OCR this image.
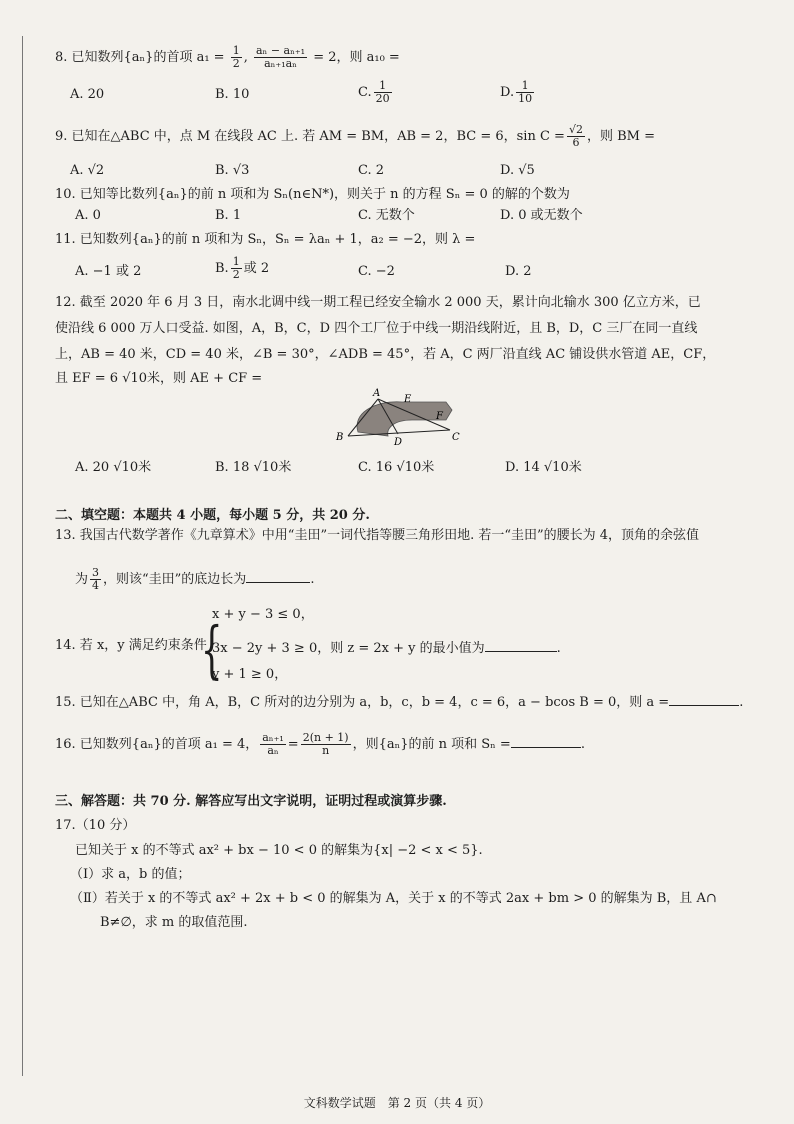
8. 已知数列{aₙ}的首项 $a_1 = \frac{1}{2}$ , $\frac{\text{aₙ − aₙ₊₁}}{\text{aₙ₊₁aₙ}} = 2$，则 a₁₀ =
A. 20	B. 10	C. $\frac{1}{20}$	D. $\frac{1}{10}$
9. 已知在△ABC 中，点 M 在线段 AC 上. 若 AM = BM，AB = 2，BC = 6，$\sin C = \frac{√2}{6}$ ，则 BM =
A. √2	B. √3	C. 2	D. √5
10. 已知等比数列{aₙ}的前 n 项和为 Sₙ(n∈N*)，则关于 n 的方程 Sₙ = 0 的解的个数为
A. 0	B. 1	C. 无数个	D. 0 或无数个
11. 已知数列{aₙ}的前 n 项和为 Sₙ，Sₙ = λaₙ + 1，a₂ = −2，则 λ =
A. −1 或 2	B. $\frac{1}{2}$ 或 2	C. −2	D. 2
12. 截至 2020 年 6 月 3 日，南水北调中线一期工程已经安全输水 2 000 天，累计向北输水 300 亿立方米，已
使沿线 6 000 万人口受益. 如图，A，B，C，D 四个工厂位于中线一期沿线附近，且 B，D，C 三厂在同一直线
上，AB = 40 米，CD = 40 米，∠B = 30°，∠ADB = 45°，若 A，C 两厂沿直线 AC 铺设供水管道 AE，CF，
且 EF = 6 √10米，则 AE + CF =
A
B	C
D
E
F
A. 20 √10米	B. 18 √10米	C. 16 √10米	D. 14 √10米
二、填空题：本题共 4 小题，每小题 5 分，共 20 分.
13. 我国古代数学著作《九章算术》中用“圭田”一词代指等腰三角形田地. 若一“圭田”的腰长为 4，顶角的余弦值
为 $\frac{3}{4}$ ，则该“圭田”的底边长为	.
14. 若 x，y 满足约束条件
{
x + y − 3 ≤ 0，
3x − 2y + 3 ≥ 0，则 z = 2x + y 的最小值为	.
y + 1 ≥ 0，
15. 已知在△ABC 中，角 A，B，C 所对的边分别为 a，b，c，b = 4，c = 6，a − bcos B = 0，则 a =	.
16. 已知数列{aₙ}的首项 a₁ = 4， $\frac{\text{aₙ₊₁}}{\text{aₙ}} = \frac{2(n + 1)}{n}$ ，则{aₙ}的前 n 项和 Sₙ =	.
三、解答题：共 70 分. 解答应写出文字说明，证明过程或演算步骤.
17.（10 分）
已知关于 x 的不等式 ax² + bx − 10 < 0 的解集为{x| −2 < x < 5}.
（Ⅰ）求 a，b 的值；
（Ⅱ）若关于 x 的不等式 ax² + 2x + b < 0 的解集为 A，关于 x 的不等式 2ax + bm > 0 的解集为 B，且 A∩
B≠∅，求 m 的取值范围.
文科数学试题　第 2 页（共 4 页）
